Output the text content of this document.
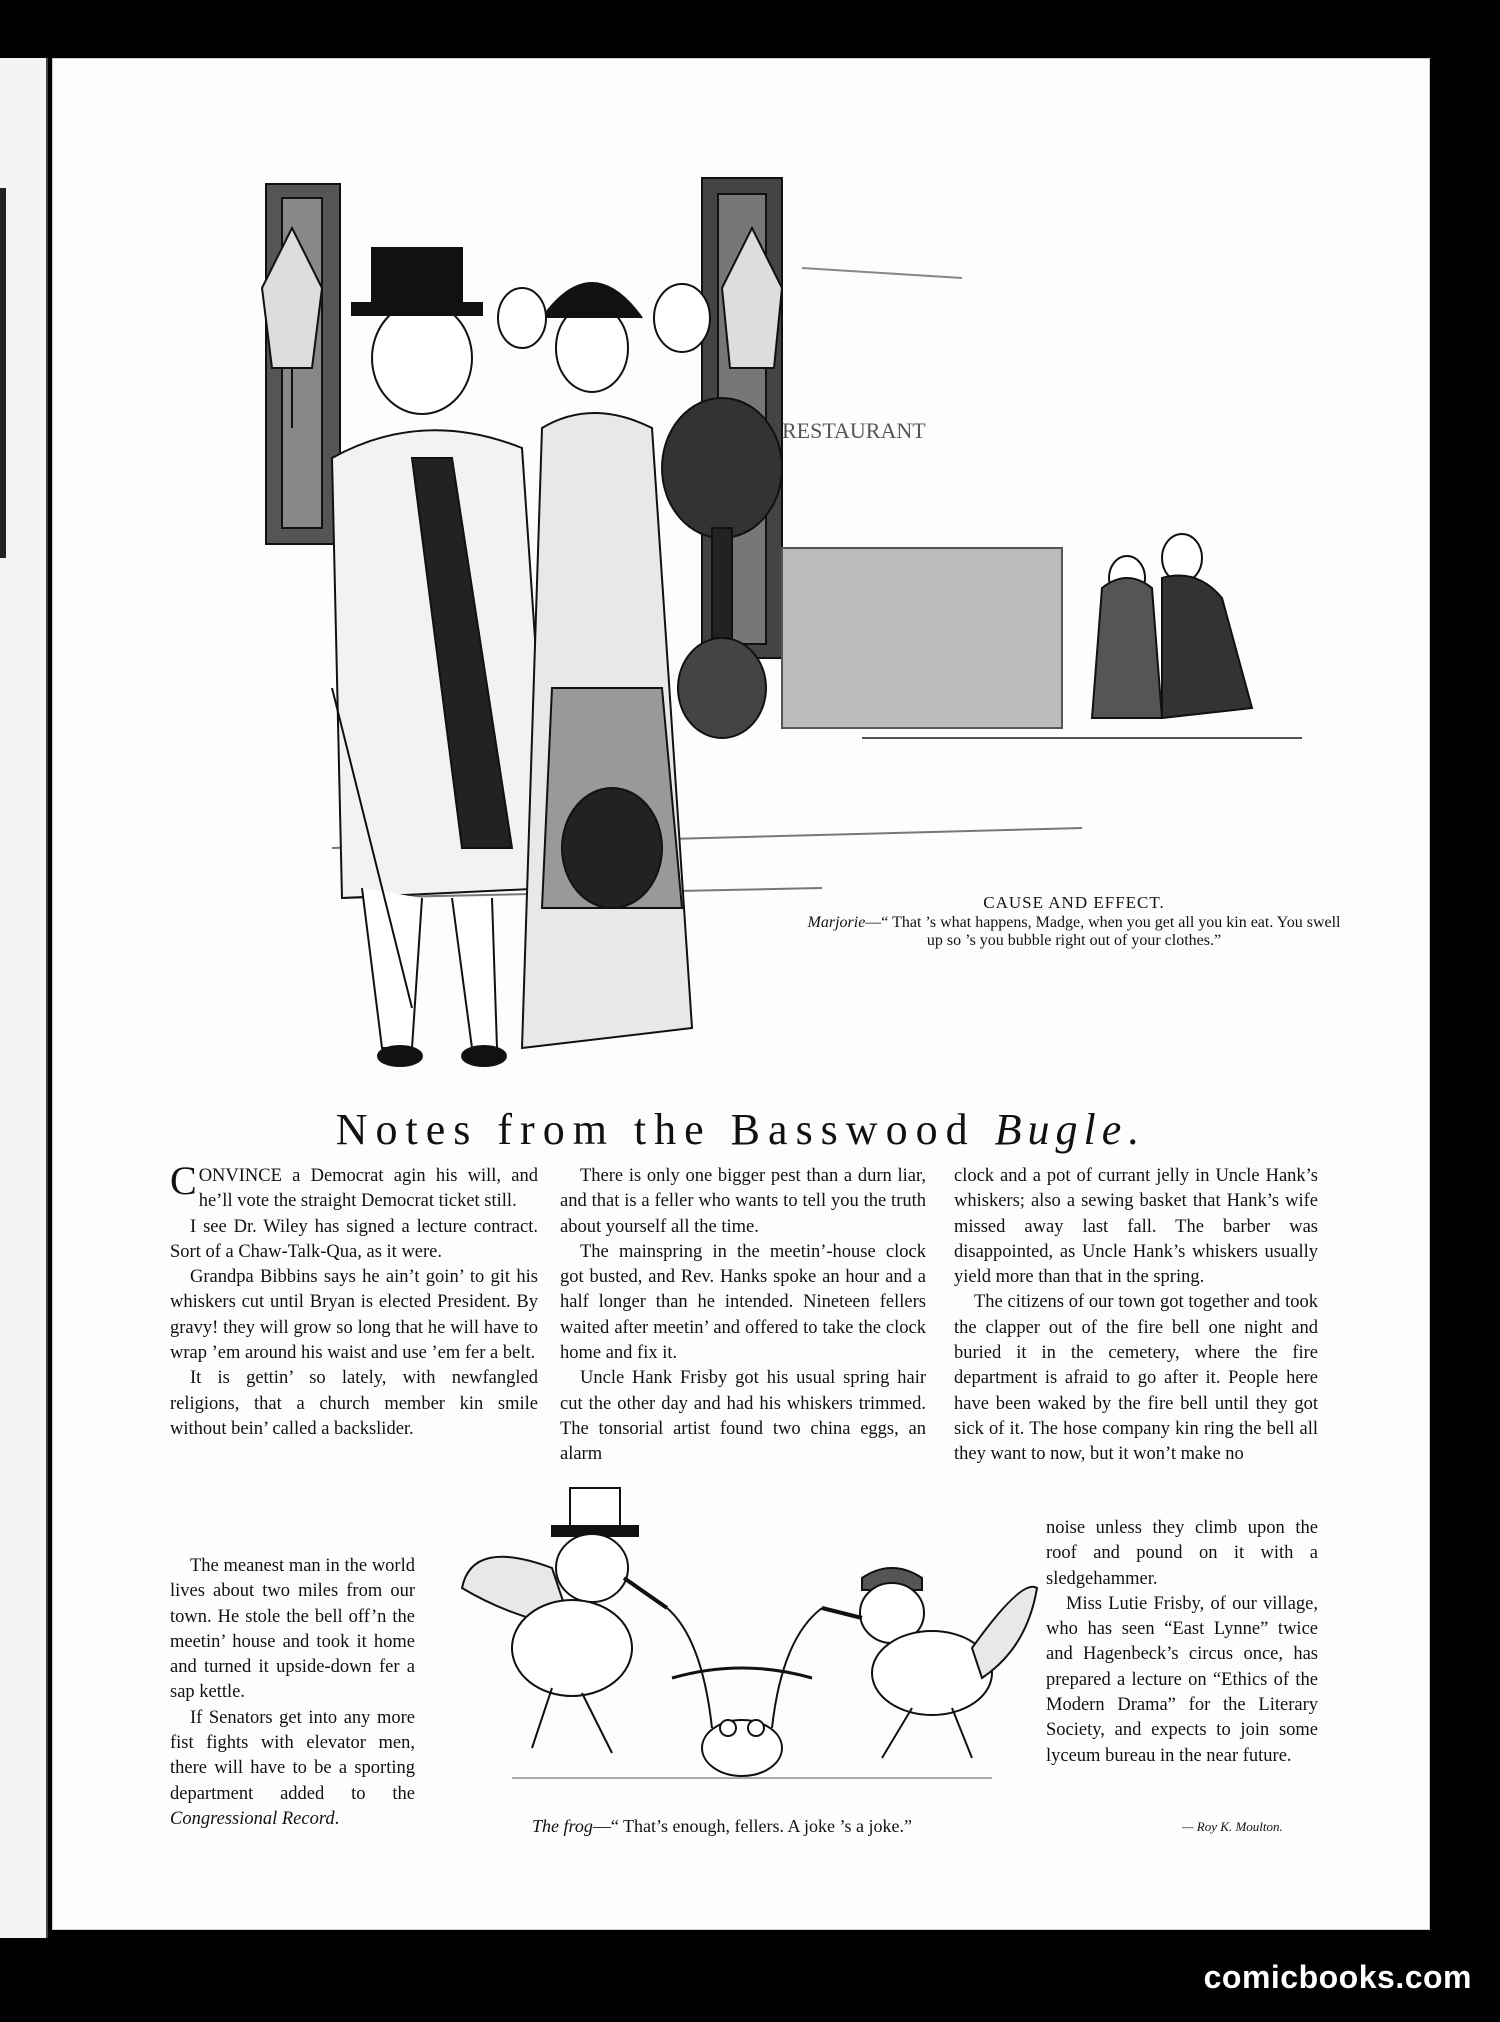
RESTAURANT
CAUSE AND EFFECT.
Marjorie—“ That ’s what happens, Madge, when you get all you kin eat. You swell up so ’s you bubble right out of your clothes.”
Notes from the Basswood Bugle.

CONVINCE a Democrat agin his will, and he’ll vote the straight Democrat ticket still.

I see Dr. Wiley has signed a lecture contract. Sort of a Chaw-Talk-Qua, as it were.

Grandpa Bibbins says he ain’t goin’ to git his whiskers cut until Bryan is elected President. By gravy! they will grow so long that he will have to wrap ’em around his waist and use ’em fer a belt.

It is gettin’ so lately, with newfangled religions, that a church member kin smile without bein’ called a backslider.

The meanest man in the world lives about two miles from our town. He stole the bell off’n the meetin’ house and took it home and turned it upside-down fer a sap kettle.

If Senators get into any more fist fights with elevator men, there will have to be a sporting department added to the Congressional Record.

There is only one bigger pest than a durn liar, and that is a feller who wants to tell you the truth about yourself all the time.

The mainspring in the meetin’-house clock got busted, and Rev. Hanks spoke an hour and a half longer than he intended. Nineteen fellers waited after meetin’ and offered to take the clock home and fix it.

Uncle Hank Frisby got his usual spring hair cut the other day and had his whiskers trimmed. The tonsorial artist found two china eggs, an alarm

clock and a pot of currant jelly in Uncle Hank’s whiskers; also a sewing basket that Hank’s wife missed away last fall. The barber was disappointed, as Uncle Hank’s whiskers usually yield more than that in the spring.

The citizens of our town got together and took the clapper out of the fire bell one night and buried it in the cemetery, where the fire department is afraid to go after it. People here have been waked by the fire bell until they got sick of it. The hose company kin ring the bell all they want to now, but it won’t make no

noise unless they climb upon the roof and pound on it with a sledgehammer.

Miss Lutie Frisby, of our village, who has seen “East Lynne” twice and Hagenbeck’s circus once, has prepared a lecture on “Ethics of the Modern Drama” for the Literary Society, and expects to join some lyceum bureau in the near future.

The frog—“ That’s enough, fellers. A joke ’s a joke.”	— Roy K. Moulton.
comicbooks.com
